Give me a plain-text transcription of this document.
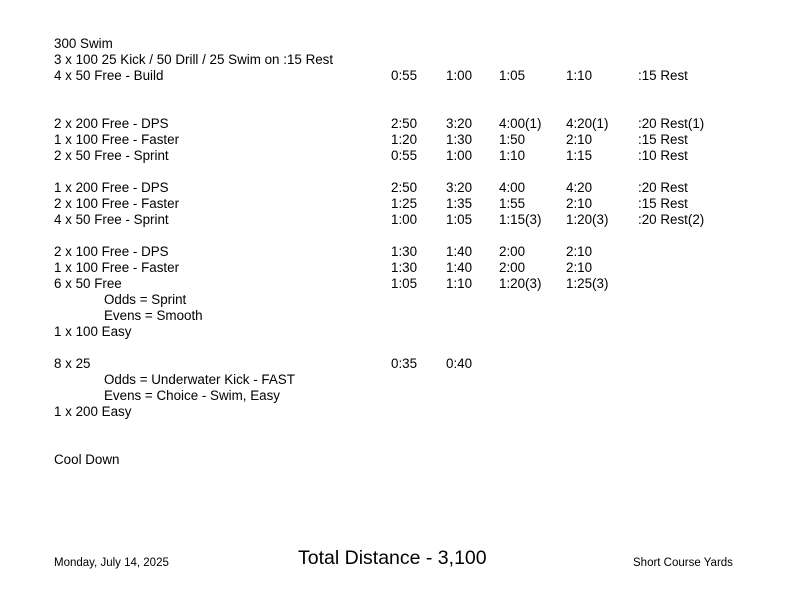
300 Swim
3 x 100 25 Kick / 50 Drill / 25 Swim on :15 Rest
4 x 50 Free - Build	0:55 1:00 1:05	1:10	:15 Rest
2 x 200 Free - DPS	2:50 3:20 4:00(1) 4:20(1) :20 Rest(1)
1 x 100 Free - Faster	1:20 1:30 1:50	2:10	:15 Rest
2 x 50 Free - Sprint	0:55 1:00 1:10	1:15	:10 Rest
1 x 200 Free - DPS	2:50 3:20 4:00	4:20	:20 Rest
2 x 100 Free - Faster	1:25 1:35 1:55	2:10	:15 Rest
4 x 50 Free - Sprint	1:00 1:05 1:15(3) 1:20(3) :20 Rest(2)
2 x 100 Free - DPS	1:30 1:40 2:00	2:10
1 x 100 Free - Faster	1:30 1:40 2:00	2:10
6 x 50 Free	1:05 1:10 1:20(3) 1:25(3)
Odds = Sprint
Evens = Smooth
1 x 100 Easy
8 x 25	0:35 0:40
Odds = Underwater Kick - FAST
Evens = Choice - Swim, Easy
1 x 200 Easy
Cool Down
Monday, July 14, 2025	Total Distance - 3,100	Short Course Yards
